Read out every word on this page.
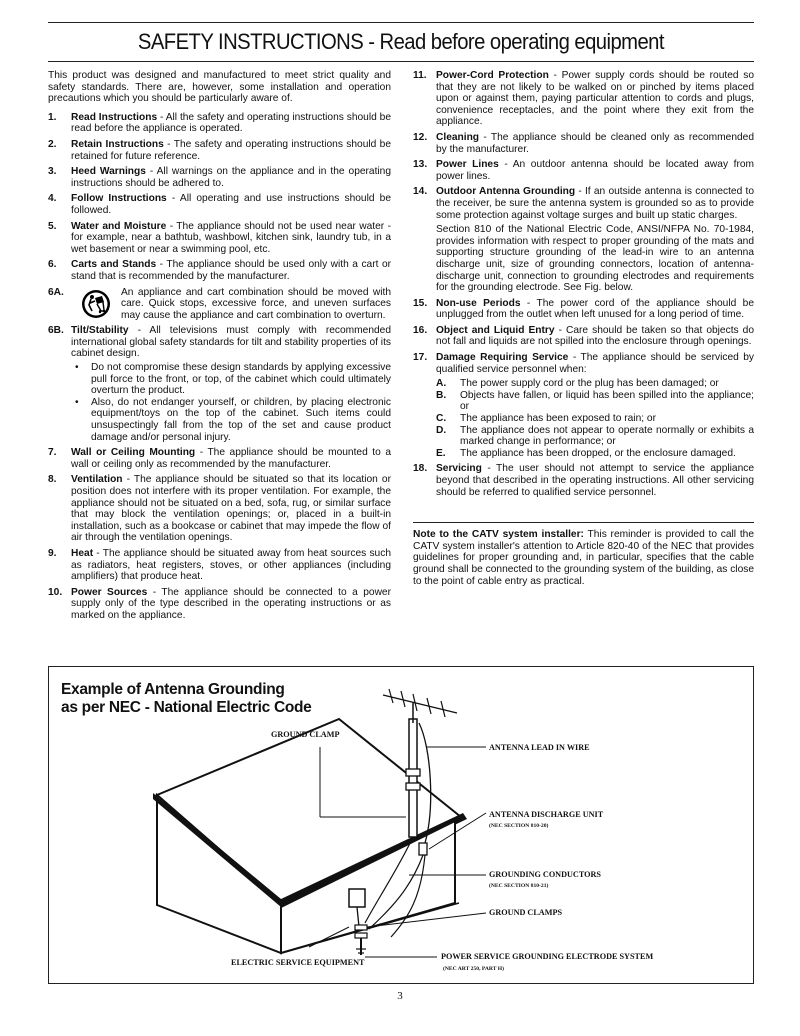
SAFETY INSTRUCTIONS - Read before operating equipment

This product was designed and manufactured to meet strict quality and safety standards. There are, however, some installation and operation precautions which you should be particularly aware of.

1.	Read Instructions - All the safety and operating instructions should be read before the appliance is operated.
2.	Retain Instructions - The safety and operating instructions should be retained for future reference.
3.	Heed Warnings - All warnings on the appliance and in the operating instructions should be adhered to.
4.	Follow Instructions - All operating and use instructions should be followed.
5.	Water and Moisture - The appliance should not be used near water - for example, near a bathtub, washbowl, kitchen sink, laundry tub, in a wet basement or near a swimming pool, etc.
6.	Carts and Stands - The appliance should be used only with a cart or stand that is recommended by the manufacturer.
6A.	An appliance and cart combination should be moved with care. Quick stops, excessive force, and uneven surfaces may cause the appliance and cart combination to overturn.
6B. Tilt/Stability - All televisions must comply with recommended international global safety standards for tilt and stability properties of its cabinet design.
•	Do not compromise these design standards by applying excessive pull force to the front, or top, of the cabinet which could ultimately overturn the product.
•	Also, do not endanger yourself, or children, by placing electronic equipment/toys on the top of the cabinet. Such items could unsuspectingly fall from the top of the set and cause product damage and/or personal injury.
7.	Wall or Ceiling Mounting - The appliance should be mounted to a wall or ceiling only as recommended by the manufacturer.
8.	Ventilation - The appliance should be situated so that its location or position does not interfere with its proper ventilation. For example, the appliance should not be situated on a bed, sofa, rug, or similar surface that may block the ventilation openings; or, placed in a built-in installation, such as a bookcase or cabinet that may impede the flow of air through the ventilation openings.
9.	Heat - The appliance should be situated away from heat sources such as radiators, heat registers, stoves, or other appliances (including amplifiers) that produce heat.
10. Power Sources - The appliance should be connected to a power supply only of the type described in the operating instructions or as marked on the appliance.
11. Power-Cord Protection - Power supply cords should be routed so that they are not likely to be walked on or pinched by items placed upon or against them, paying particular attention to cords and plugs, convenience receptacles, and the point where they exit from the appliance.
12. Cleaning - The appliance should be cleaned only as recommended by the manufacturer.
13. Power Lines - An outdoor antenna should be located away from power lines.
14. Outdoor Antenna Grounding - If an outside antenna is connected to the receiver, be sure the antenna system is grounded so as to provide some protection against voltage surges and built up static charges.

Section 810 of the National Electric Code, ANSI/NFPA No. 70-1984, provides information with respect to proper grounding of the mats and supporting structure grounding of the lead-in wire to an antenna discharge unit, size of grounding connectors, location of antenna-discharge unit, connection to grounding electrodes and requirements for the grounding electrode. See Fig. below.

15. Non-use Periods - The power cord of the appliance should be unplugged from the outlet when left unused for a long period of time.
16. Object and Liquid Entry - Care should be taken so that objects do not fall and liquids are not spilled into the enclosure through openings.
17. Damage Requiring Service - The appliance should be serviced by qualified service personnel when:
A.	The power supply cord or the plug has been damaged; or
B.	Objects have fallen, or liquid has been spilled into the appliance; or
C.	The appliance has been exposed to rain; or
D.	The appliance does not appear to operate normally or exhibits a marked change in performance; or
E.	The appliance has been dropped, or the enclosure damaged.
18. Servicing - The user should not attempt to service the appliance beyond that described in the operating instructions. All other servicing should be referred to qualified service personnel.
Note to the CATV system installer: This reminder is provided to call the CATV system installer's attention to Article 820-40 of the NEC that provides guidelines for proper grounding and, in particular, specifies that the cable ground shall be connected to the grounding system of the building, as close to the point of cable entry as practical.
GROUND CLAMP
ANTENNA LEAD IN WIRE
ANTENNA DISCHARGE UNIT
(NEC SECTION 810-20)
GROUNDING CONDUCTORS
(NEC SECTION 810-21)
GROUND CLAMPS
ELECTRIC SERVICE EQUIPMENT
POWER SERVICE GROUNDING ELECTRODE SYSTEM
(NEC ART 250, PART H)
Example of Antenna Grounding
as per NEC - National Electric Code
3
